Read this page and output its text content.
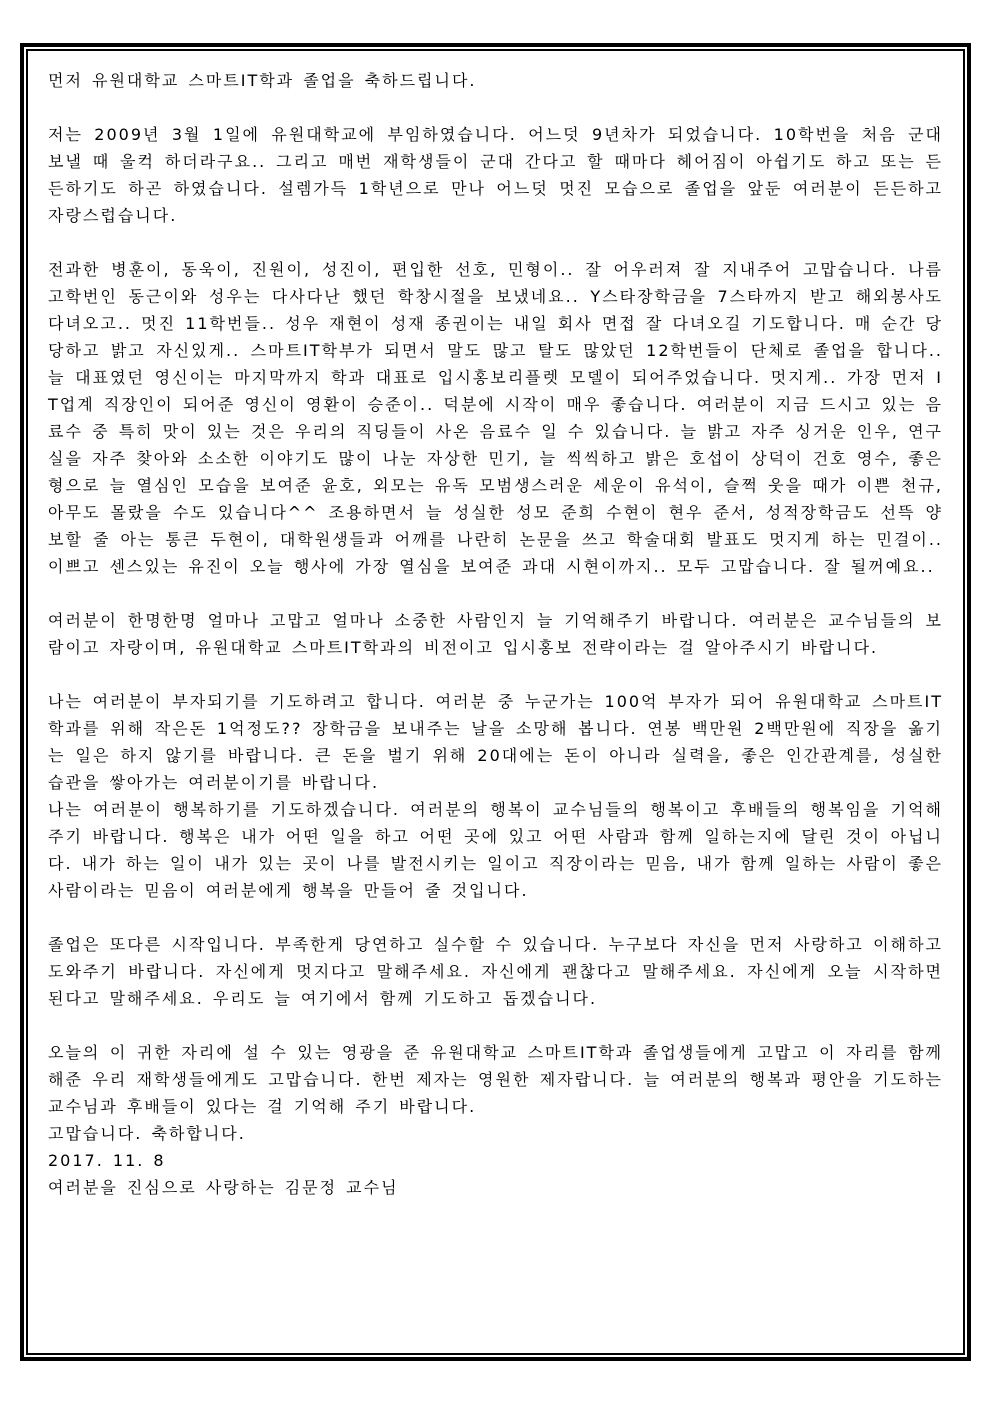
먼저 유원대학교 스마트IT학과 졸업을 축하드립니다.

저는 2009년 3월 1일에 유원대학교에 부임하였습니다. 어느덧 9년차가 되었습니다. 10학번을 처음 군대 보낼 때 울컥 하더라구요.. 그리고 매번 재학생들이 군대 간다고 할 때마다 헤어짐이 아쉽기도 하고 또는 든든하기도 하곤 하였습니다. 설렘가득 1학년으로 만나 어느덧 멋진 모습으로 졸업을 앞둔 여러분이 든든하고 자랑스럽습니다.

전과한 병훈이, 동욱이, 진원이, 성진이, 편입한 선호, 민형이.. 잘 어우러져 잘 지내주어 고맙습니다. 나름 고학번인 동근이와 성우는 다사다난 했던 학창시절을 보냈네요.. Y스타장학금을 7스타까지 받고 해외봉사도 다녀오고.. 멋진 11학번들.. 성우 재현이 성재 종권이는 내일 회사 면접 잘 다녀오길 기도합니다. 매 순간 당당하고 밝고 자신있게.. 스마트IT학부가 되면서 말도 많고 탈도 많았던 12학번들이 단체로 졸업을 합니다.. 늘 대표였던 영신이는 마지막까지 학과 대표로 입시홍보리플렛 모델이 되어주었습니다. 멋지게.. 가장 먼저 IT업계 직장인이 되어준 영신이 영환이 승준이.. 덕분에 시작이 매우 좋습니다. 여러분이 지금 드시고 있는 음료수 중 특히 맛이 있는 것은 우리의 직딩들이 사온 음료수 일 수 있습니다. 늘 밝고 자주 싱거운 인우, 연구실을 자주 찾아와 소소한 이야기도 많이 나눈 자상한 민기, 늘 씩씩하고 밝은 호섭이 상덕이 건호 영수, 좋은 형으로 늘 열심인 모습을 보여준 윤호, 외모는 유독 모범생스러운 세운이 유석이, 슬쩍 웃을 때가 이쁜 천규, 아무도 몰랐을 수도 있습니다^^ 조용하면서 늘 성실한 성모 준희 수현이 현우 준서, 성적장학금도 선뜩 양보할 줄 아는 통큰 두현이, 대학원생들과 어깨를 나란히 논문을 쓰고 학술대회 발표도 멋지게 하는 민걸이.. 이쁘고 센스있는 유진이 오늘 행사에 가장 열심을 보여준 과대 시현이까지.. 모두 고맙습니다. 잘 될꺼예요..

여러분이 한명한명 얼마나 고맙고 얼마나 소중한 사람인지 늘 기억해주기 바랍니다. 여러분은 교수님들의 보람이고 자랑이며, 유원대학교 스마트IT학과의 비전이고 입시홍보 전략이라는 걸 알아주시기 바랍니다.

나는 여러분이 부자되기를 기도하려고 합니다. 여러분 중 누군가는 100억 부자가 되어 유원대학교 스마트IT학과를 위해 작은돈 1억정도?? 장학금을 보내주는 날을 소망해 봅니다. 연봉 백만원 2백만원에 직장을 옮기는 일은 하지 않기를 바랍니다. 큰 돈을 벌기 위해 20대에는 돈이 아니라 실력을, 좋은 인간관계를, 성실한 습관을 쌓아가는 여러분이기를 바랍니다.

나는 여러분이 행복하기를 기도하겠습니다. 여러분의 행복이 교수님들의 행복이고 후배들의 행복임을 기억해주기 바랍니다. 행복은 내가 어떤 일을 하고 어떤 곳에 있고 어떤 사람과 함께 일하는지에 달린 것이 아닙니다. 내가 하는 일이 내가 있는 곳이 나를 발전시키는 일이고 직장이라는 믿음, 내가 함께 일하는 사람이 좋은 사람이라는 믿음이 여러분에게 행복을 만들어 줄 것입니다.

졸업은 또다른 시작입니다. 부족한게 당연하고 실수할 수 있습니다. 누구보다 자신을 먼저 사랑하고 이해하고 도와주기 바랍니다. 자신에게 멋지다고 말해주세요. 자신에게 괜찮다고 말해주세요. 자신에게 오늘 시작하면 된다고 말해주세요. 우리도 늘 여기에서 함께 기도하고 돕겠습니다.

오늘의 이 귀한 자리에 설 수 있는 영광을 준 유원대학교 스마트IT학과 졸업생들에게 고맙고 이 자리를 함께 해준 우리 재학생들에게도 고맙습니다. 한번 제자는 영원한 제자랍니다. 늘 여러분의 행복과 평안을 기도하는 교수님과 후배들이 있다는 걸 기억해 주기 바랍니다.

고맙습니다. 축하합니다.

2017. 11. 8

여러분을 진심으로 사랑하는 김문정 교수님
